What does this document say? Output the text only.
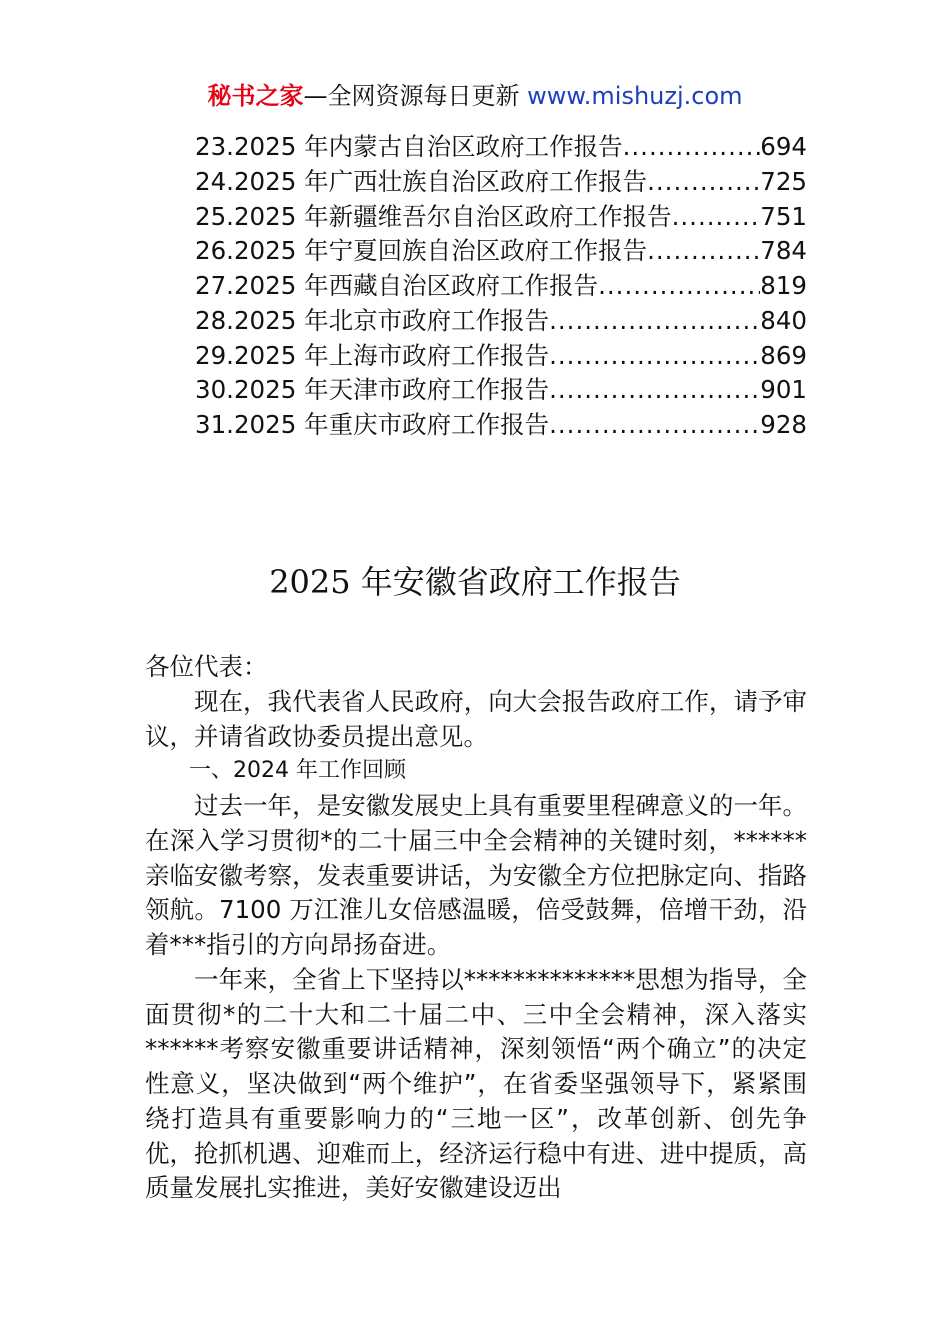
秘书之家—全网资源每日更新 www.mishuzj.com
23.2025 年内蒙古自治区政府工作报告 .....	694
24.2025 年广西壮族自治区政府工作报告 .....	725
25.2025 年新疆维吾尔自治区政府工作报告 .....	751
26.2025 年宁夏回族自治区政府工作报告 .....	784
27.2025 年西藏自治区政府工作报告 .....	819
28.2025 年北京市政府工作报告 .....	840
29.2025 年上海市政府工作报告 .....	869
30.2025 年天津市政府工作报告 .....	901
31.2025 年重庆市政府工作报告 .....	928
2025 年安徽省政府工作报告

各位代表：

现在，我代表省人民政府，向大会报告政府工作，请予审议，并请省政协委员提出意见。

一、2024 年工作回顾

过去一年，是安徽发展史上具有重要里程碑意义的一年。在深入学习贯彻*的二十届三中全会精神的关键时刻，******亲临安徽考察，发表重要讲话，为安徽全方位把脉定向、指路领航。7100 万江淮儿女倍感温暖，倍受鼓舞，倍增干劲，沿着***指引的方向昂扬奋进。

一年来，全省上下坚持以**************思想为指导，全面贯彻*的二十大和二十届二中、三中全会精神，深入落实******考察安徽重要讲话精神，深刻领悟“两个确立”的决定性意义，坚决做到“两个维护”，在省委坚强领导下，紧紧围绕打造具有重要影响力的“三地一区”，改革创新、创先争优，抢抓机遇、迎难而上，经济运行稳中有进、进中提质，高质量发展扎实推进，美好安徽建设迈出
